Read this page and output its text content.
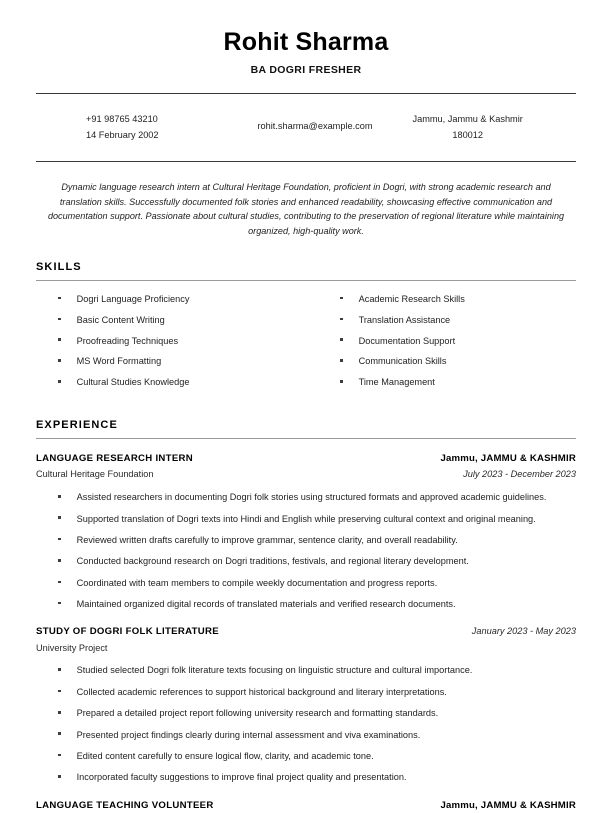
Rohit Sharma
BA DOGRI FRESHER
+91 98765 43210
14 February 2002
rohit.sharma@example.com
Jammu, Jammu & Kashmir
180012
Dynamic language research intern at Cultural Heritage Foundation, proficient in Dogri, with strong academic research and translation skills. Successfully documented folk stories and enhanced readability, showcasing effective communication and documentation support. Passionate about cultural studies, contributing to the preservation of regional literature while maintaining organized, high-quality work.
SKILLS
Dogri Language Proficiency
Basic Content Writing
Proofreading Techniques
MS Word Formatting
Cultural Studies Knowledge
Academic Research Skills
Translation Assistance
Documentation Support
Communication Skills
Time Management
EXPERIENCE
LANGUAGE RESEARCH INTERN
Cultural Heritage Foundation
Jammu, JAMMU & KASHMIR
July 2023 - December 2023
Assisted researchers in documenting Dogri folk stories using structured formats and approved academic guidelines.
Supported translation of Dogri texts into Hindi and English while preserving cultural context and original meaning.
Reviewed written drafts carefully to improve grammar, sentence clarity, and overall readability.
Conducted background research on Dogri traditions, festivals, and regional literary development.
Coordinated with team members to compile weekly documentation and progress reports.
Maintained organized digital records of translated materials and verified research documents.
STUDY OF DOGRI FOLK LITERATURE
University Project
January 2023 - May 2023
Studied selected Dogri folk literature texts focusing on linguistic structure and cultural importance.
Collected academic references to support historical background and literary interpretations.
Prepared a detailed project report following university research and formatting standards.
Presented project findings clearly during internal assessment and viva examinations.
Edited content carefully to ensure logical flow, clarity, and academic tone.
Incorporated faculty suggestions to improve final project quality and presentation.
LANGUAGE TEACHING VOLUNTEER	Jammu, JAMMU & KASHMIR
